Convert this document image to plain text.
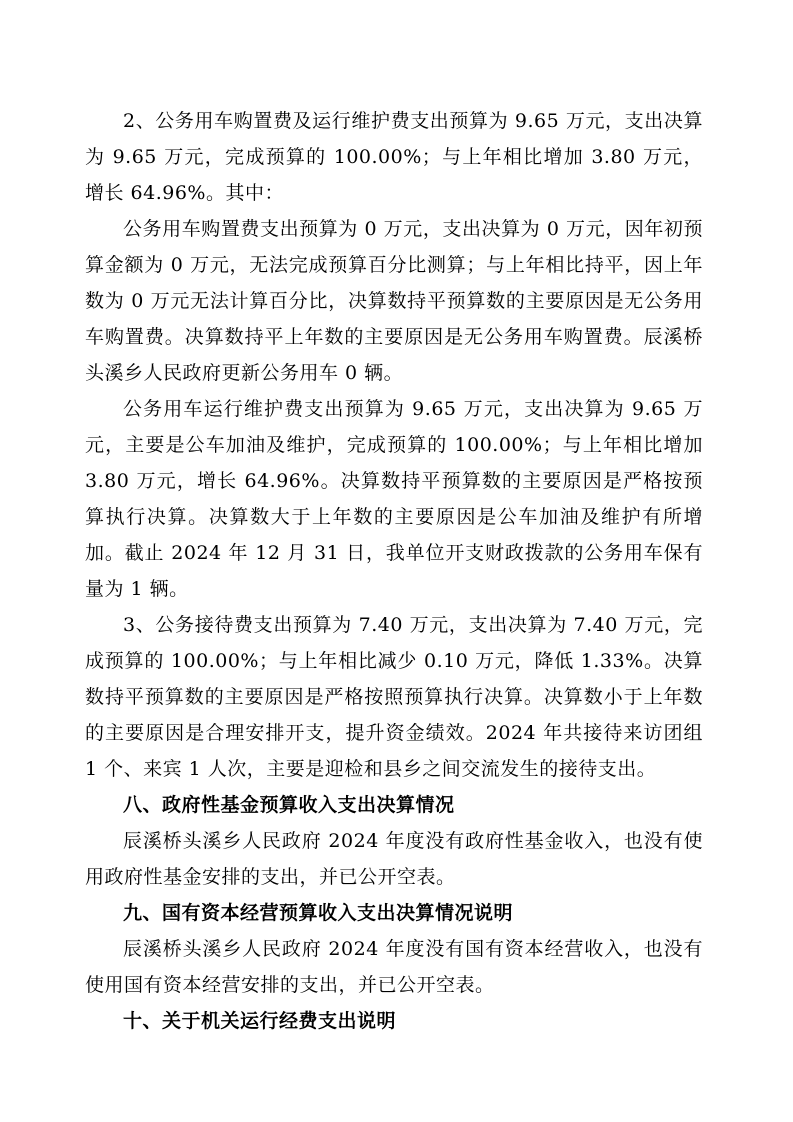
2、公务用车购置费及运行维护费支出预算为 9.65 万元，支出决算为 9.65 万元，完成预算的 100.00%；与上年相比增加 3.80 万元，增长 64.96%。其中：

公务用车购置费支出预算为 0 万元，支出决算为 0 万元，因年初预算金额为 0 万元，无法完成预算百分比测算；与上年相比持平，因上年数为 0 万元无法计算百分比，决算数持平预算数的主要原因是无公务用车购置费。决算数持平上年数的主要原因是无公务用车购置费。辰溪桥头溪乡人民政府更新公务用车 0 辆。

公务用车运行维护费支出预算为 9.65 万元，支出决算为 9.65 万元，主要是公车加油及维护，完成预算的 100.00%；与上年相比增加 3.80 万元，增长 64.96%。决算数持平预算数的主要原因是严格按预算执行决算。决算数大于上年数的主要原因是公车加油及维护有所增加。截止 2024 年 12 月 31 日，我单位开支财政拨款的公务用车保有量为 1 辆。

3、公务接待费支出预算为 7.40 万元，支出决算为 7.40 万元，完成预算的 100.00%；与上年相比减少 0.10 万元，降低 1.33%。决算数持平预算数的主要原因是严格按照预算执行决算。决算数小于上年数的主要原因是合理安排开支，提升资金绩效。2024 年共接待来访团组 1 个、来宾 1 人次，主要是迎检和县乡之间交流发生的接待支出。

八、政府性基金预算收入支出决算情况

辰溪桥头溪乡人民政府 2024 年度没有政府性基金收入，也没有使用政府性基金安排的支出，并已公开空表。

九、国有资本经营预算收入支出决算情况说明

辰溪桥头溪乡人民政府 2024 年度没有国有资本经营收入，也没有使用国有资本经营安排的支出，并已公开空表。

十、关于机关运行经费支出说明
